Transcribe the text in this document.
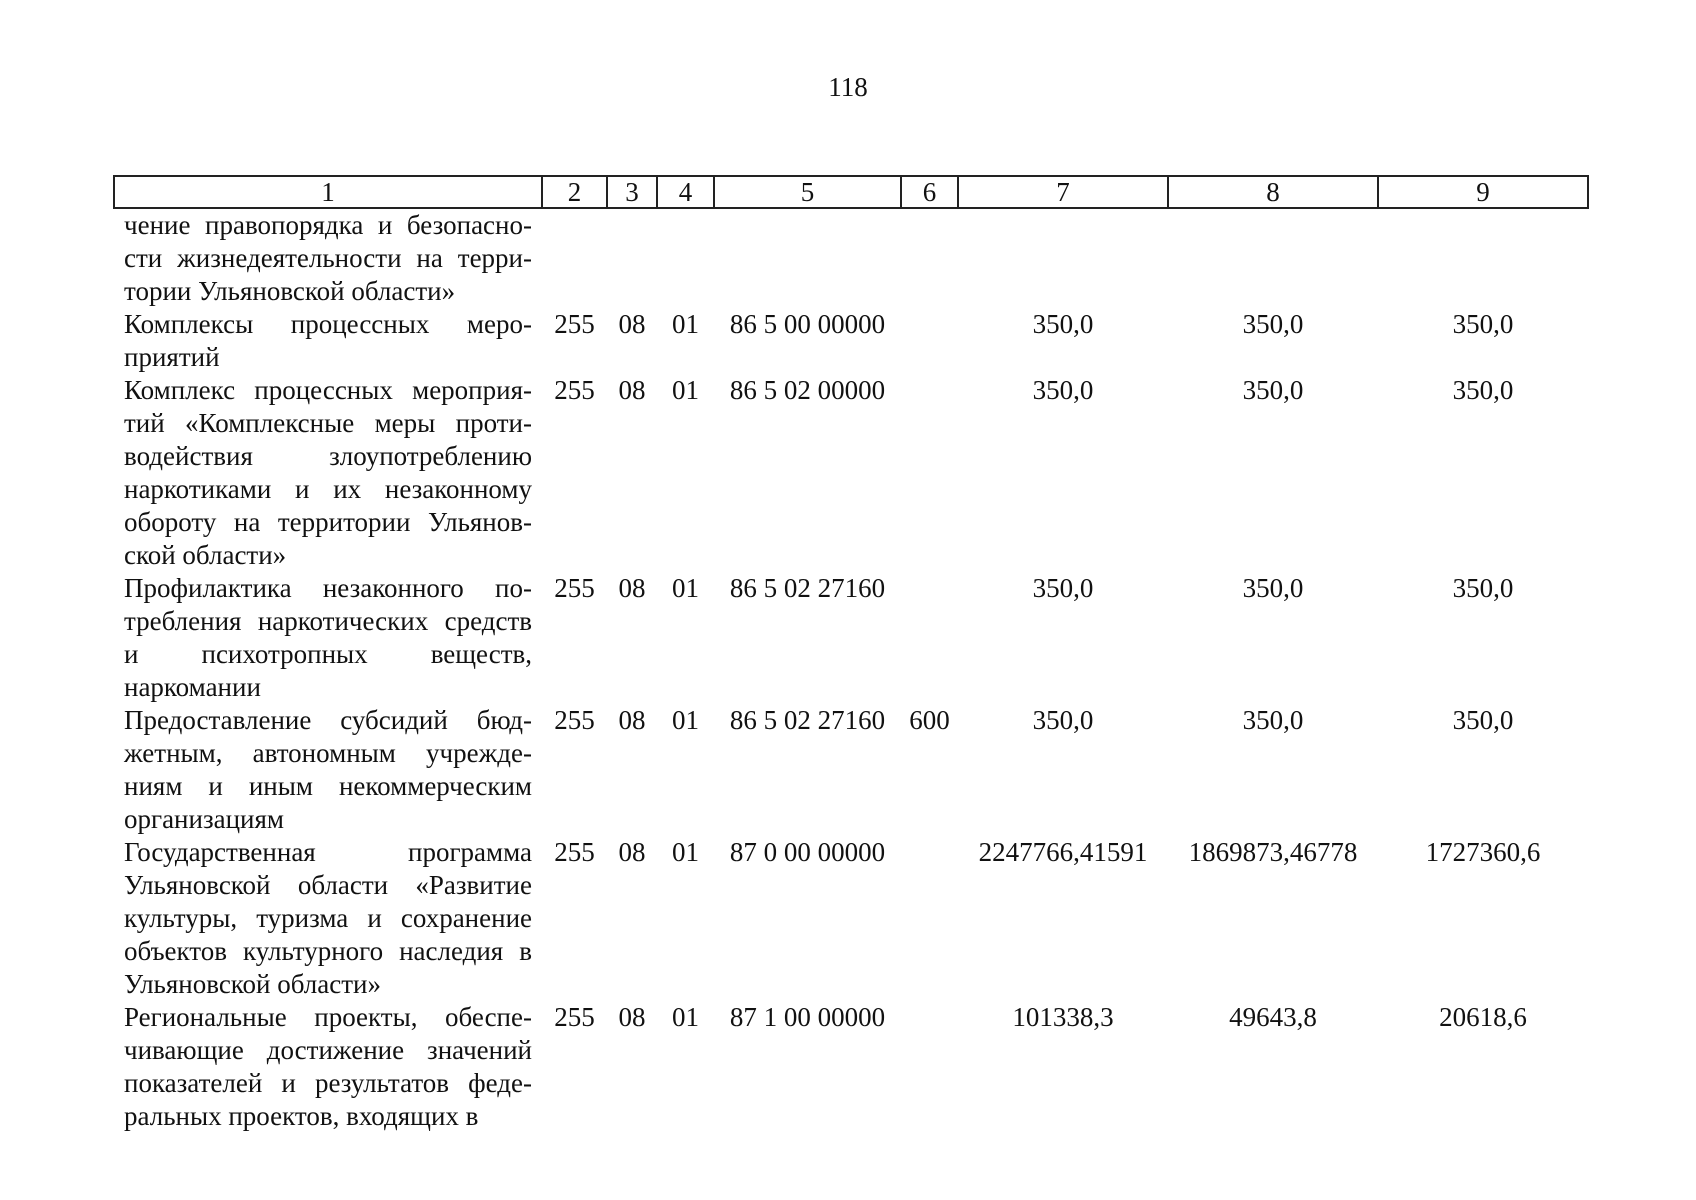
118
1	2	3	4	5	6	7	8	9
чение правопорядка и безопасности жизнедеятельности на территории Ульяновской области»								
Комплексы процессных мероприятий	255	08	01	86 5 00 00000		350,0	350,0	350,0
Комплекс процессных мероприятий «Комплексные меры противодействия злоупотреблению наркотиками и их незаконному обороту на территории Ульяновской области»	255	08	01	86 5 02 00000		350,0	350,0	350,0
Профилактика незаконного потребления наркотических средств и психотропных веществ, наркомании	255	08	01	86 5 02 27160		350,0	350,0	350,0
Предоставление субсидий бюджетным, автономным учреждениям и иным некоммерческим организациям	255	08	01	86 5 02 27160	600	350,0	350,0	350,0
Государственная программа Ульяновской области «Развитие культуры, туризма и сохранение объектов культурного наследия в Ульяновской области»	255	08	01	87 0 00 00000		2247766,41591	1869873,46778	1727360,6
Региональные проекты, обеспечивающие достижение значений показателей и результатов федеральных проектов, входящих в	255	08	01	87 1 00 00000		101338,3	49643,8	20618,6
